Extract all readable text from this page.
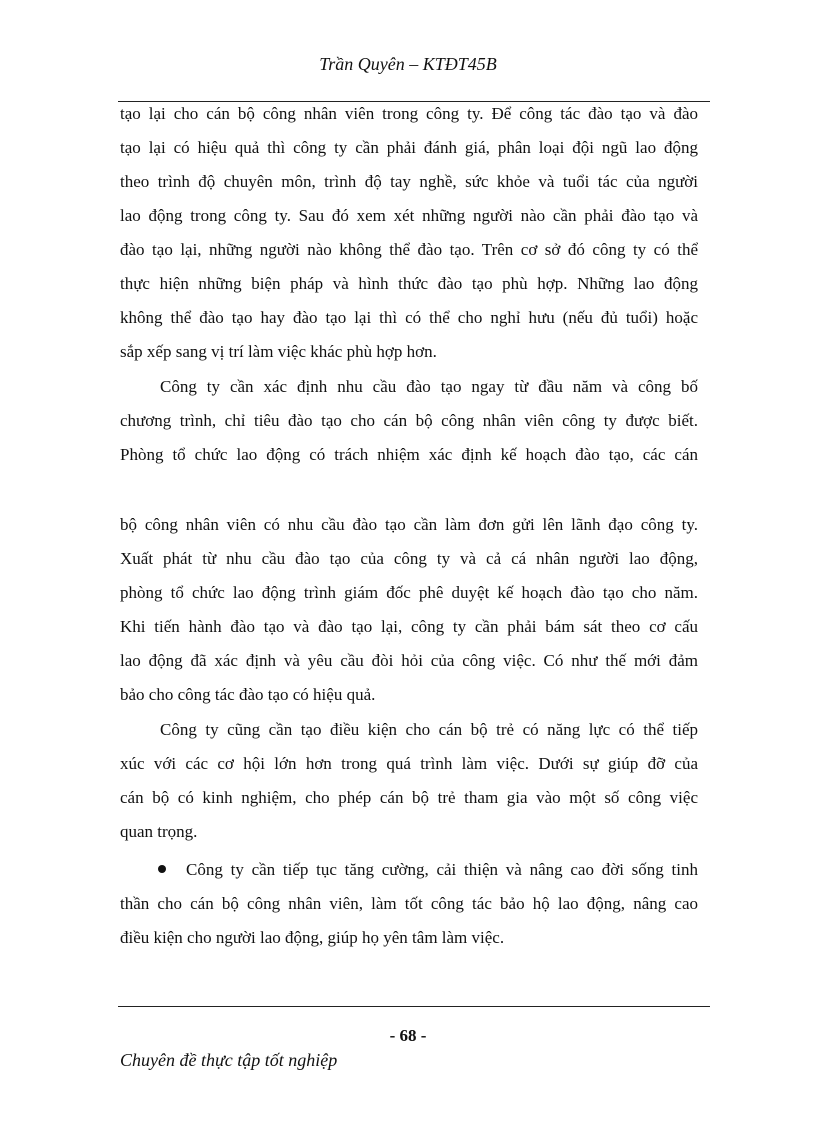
Trần Quyên – KTĐT45B
tạo lại cho cán bộ công nhân viên trong công ty. Để công tác đào tạo và đào
tạo lại có hiệu quả thì công ty cần phải đánh giá, phân loại đội ngũ lao động
theo trình độ chuyên môn, trình độ tay nghề, sức khỏe và tuổi tác của người
lao động trong công ty. Sau đó xem xét những người nào cần phải đào tạo và
đào tạo lại, những người nào không thể đào tạo. Trên cơ sở đó công ty có thể
thực hiện những biện pháp và hình thức đào tạo phù hợp. Những lao động
không thể đào tạo hay đào tạo lại thì có thể cho nghỉ hưu (nếu đủ tuổi) hoặc
sắp xếp sang vị trí làm việc khác phù hợp hơn.
Công ty cần xác định nhu cầu đào tạo ngay từ đầu năm và công bố
chương trình, chỉ tiêu đào tạo cho cán bộ công nhân viên công ty được biết.
Phòng tổ chức lao động có trách nhiệm xác định kế hoạch đào tạo, các cán
bộ công nhân viên có nhu cầu đào tạo cần làm đơn gửi lên lãnh đạo công ty.
Xuất phát từ nhu cầu đào tạo của công ty và cả cá nhân người lao động,
phòng tổ chức lao động trình giám đốc phê duyệt kế hoạch đào tạo cho năm.
Khi tiến hành đào tạo và đào tạo lại, công ty cần phải bám sát theo cơ cấu
lao động đã xác định và yêu cầu đòi hỏi của công việc. Có như thế mới đảm
bảo cho công tác đào tạo có hiệu quả.
Công ty cũng cần tạo điều kiện cho cán bộ trẻ có năng lực có thể tiếp
xúc với các cơ hội lớn hơn trong quá trình làm việc. Dưới sự giúp đỡ của
cán bộ có kinh nghiệm, cho phép cán bộ trẻ tham gia vào một số công việc
quan trọng.
Công ty cần tiếp tục tăng cường, cải thiện và nâng cao đời sống tinh
thần cho cán bộ công nhân viên, làm tốt công tác bảo hộ lao động, nâng cao
điều kiện cho người lao động, giúp họ yên tâm làm việc.
- 68 -
Chuyên đề thực tập tốt nghiệp
